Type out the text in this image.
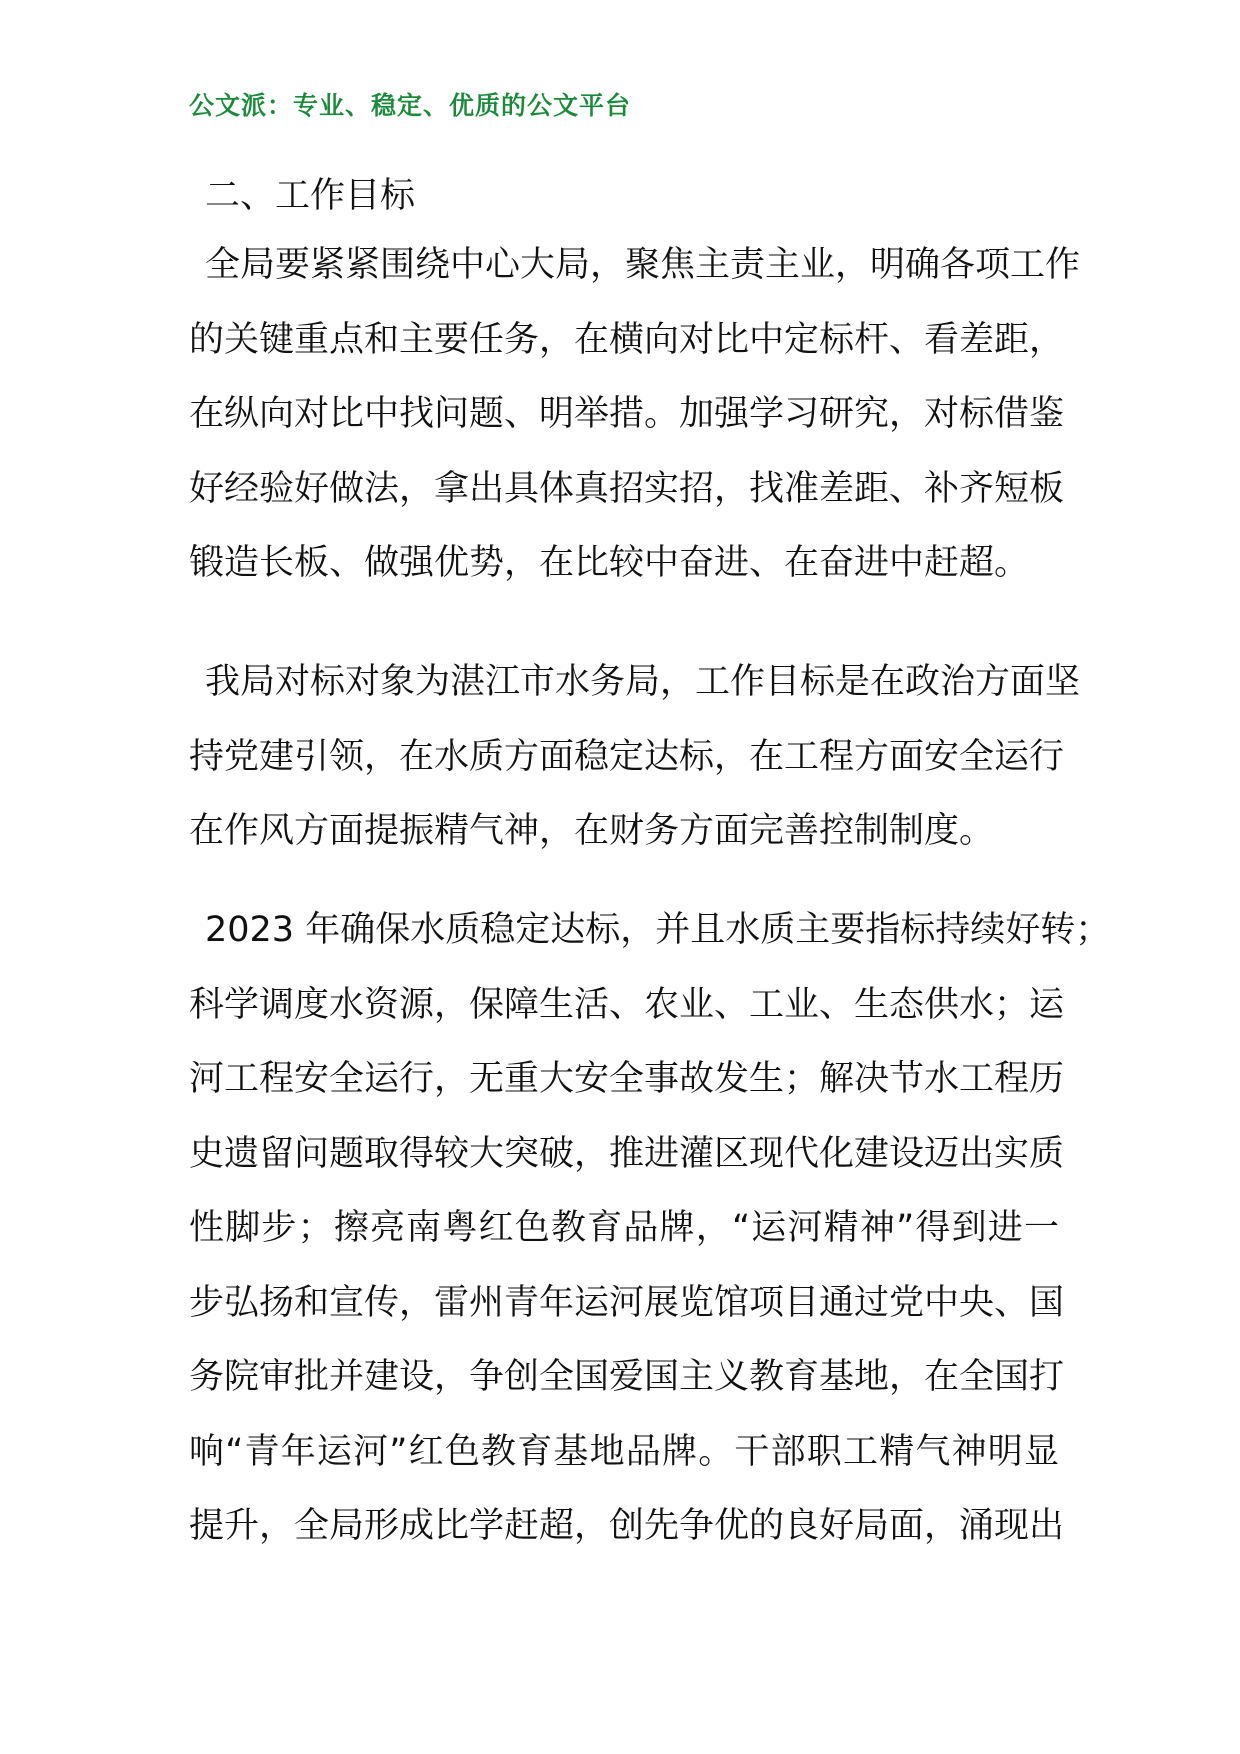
公文派：专业、稳定、优质的公文平台
二、工作目标
全局要紧紧围绕中心大局，聚焦主责主业，明确各项工作
的关键重点和主要任务，在横向对比中定标杆、看差距，
在纵向对比中找问题、明举措。加强学习研究，对标借鉴
好经验好做法，拿出具体真招实招，找准差距、补齐短板
锻造长板、做强优势，在比较中奋进、在奋进中赶超。
我局对标对象为湛江市水务局，工作目标是在政治方面坚
持党建引领，在水质方面稳定达标，在工程方面安全运行
在作风方面提振精气神，在财务方面完善控制制度。
2023 年确保水质稳定达标，并且水质主要指标持续好转；
科学调度水资源，保障生活、农业、工业、生态供水；运
河工程安全运行，无重大安全事故发生；解决节水工程历
史遗留问题取得较大突破，推进灌区现代化建设迈出实质
性脚步；擦亮南粤红色教育品牌，“运河精神”得到进一
步弘扬和宣传，雷州青年运河展览馆项目通过党中央、国
务院审批并建设，争创全国爱国主义教育基地，在全国打
响“青年运河”红色教育基地品牌。干部职工精气神明显
提升，全局形成比学赶超，创先争优的良好局面，涌现出
